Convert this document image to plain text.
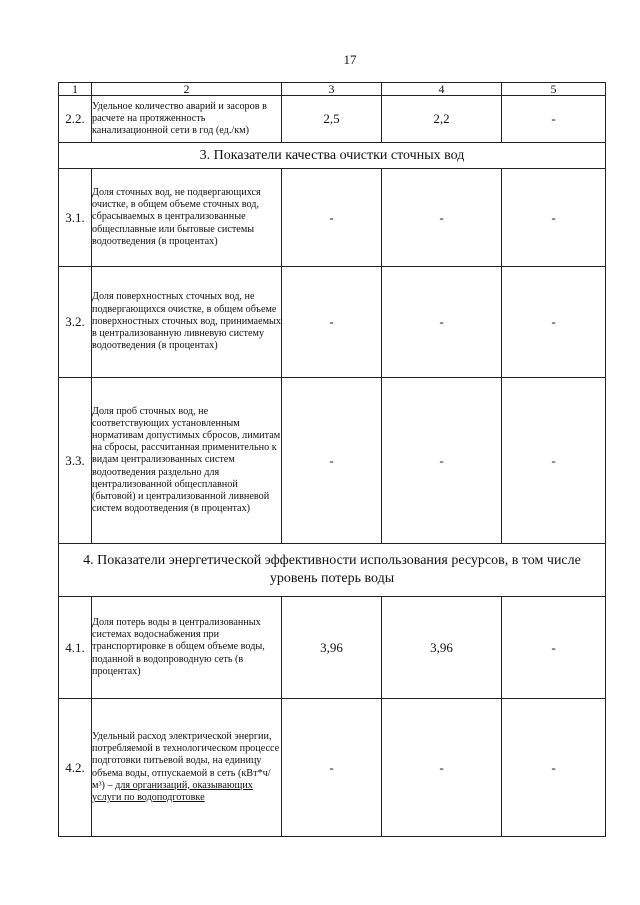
17
1	2	3	4	5
2.2.	Удельное количество аварий и засоров в расчете на протяженность канализационной сети в год (ед./км)	2,5	2,2	-
3. Показатели качества очистки сточных вод				
3.1.	Доля сточных вод, не подвергающихся очистке, в общем объеме сточных вод, сбрасываемых в централизованные общесплавные или бытовые системы водоотведения (в процентах)	-	-	-
3.2.	Доля поверхностных сточных вод, не подвергающихся очистке, в общем объеме поверхностных сточных вод, принимаемых в централизованную ливневую систему водоотведения (в процентах)	-	-	-
3.3.	Доля проб сточных вод, не соответствующих установленным нормативам допустимых сбросов, лимитам на сбросы, рассчитанная применительно к видам централизованных систем водоотведения раздельно для централизованной общесплавной (бытовой) и централизованной ливневой систем водоотведения (в процентах)	-	-	-
4. Показатели энергетической эффективности использования ресурсов, в том числе уровень потерь воды				
4.1.	Доля потерь воды в централизованных системах водоснабжения при транспортировке в общем объеме воды, поданной в водопроводную сеть (в процентах)	3,96	3,96	-
4.2.	Удельный расход электрической энергии, потребляемой в технологическом процессе подготовки питьевой воды, на единицу объема воды, отпускаемой в сеть (кВт*ч/м³) – для организаций, оказывающих услуги по водоподготовке	-	-	-
